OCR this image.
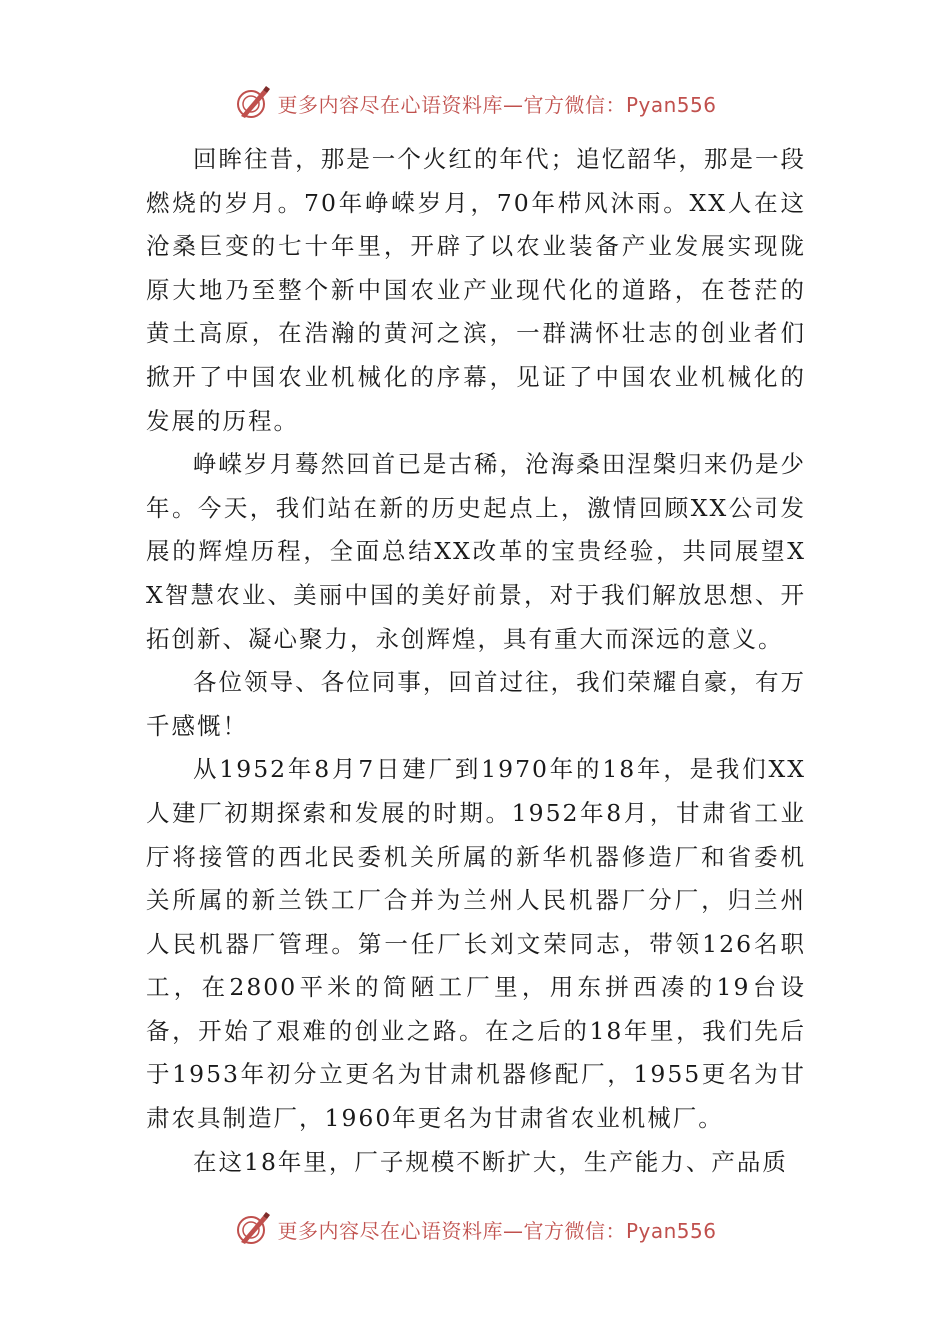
更多内容尽在心语资料库—官方微信：Pyan556

回眸往昔，那是一个火红的年代；追忆韶华，那是一段燃烧的岁月。70年峥嵘岁月，70年栉风沐雨。XX人在这沧桑巨变的七十年里，开辟了以农业装备产业发展实现陇原大地乃至整个新中国农业产业现代化的道路，在苍茫的黄土高原，在浩瀚的黄河之滨，一群满怀壮志的创业者们掀开了中国农业机械化的序幕，见证了中国农业机械化的发展的历程。

峥嵘岁月蓦然回首已是古稀，沧海桑田涅槃归来仍是少年。今天，我们站在新的历史起点上，激情回顾XX公司发展的辉煌历程，全面总结XX改革的宝贵经验，共同展望XX智慧农业、美丽中国的美好前景，对于我们解放思想、开拓创新、凝心聚力，永创辉煌，具有重大而深远的意义。

各位领导、各位同事，回首过往，我们荣耀自豪，有万千感慨！

从1952年8月7日建厂到1970年的18年，是我们XX人建厂初期探索和发展的时期。1952年8月，甘肃省工业厅将接管的西北民委机关所属的新华机器修造厂和省委机关所属的新兰铁工厂合并为兰州人民机器厂分厂，归兰州人民机器厂管理。第一任厂长刘文荣同志，带领126名职工，在2800平米的简陋工厂里，用东拼西凑的19台设备，开始了艰难的创业之路。在之后的18年里，我们先后于1953年初分立更名为甘肃机器修配厂，1955更名为甘肃农具制造厂，1960年更名为甘肃省农业机械厂。

在这18年里，厂子规模不断扩大，生产能力、产品质

更多内容尽在心语资料库—官方微信：Pyan556
